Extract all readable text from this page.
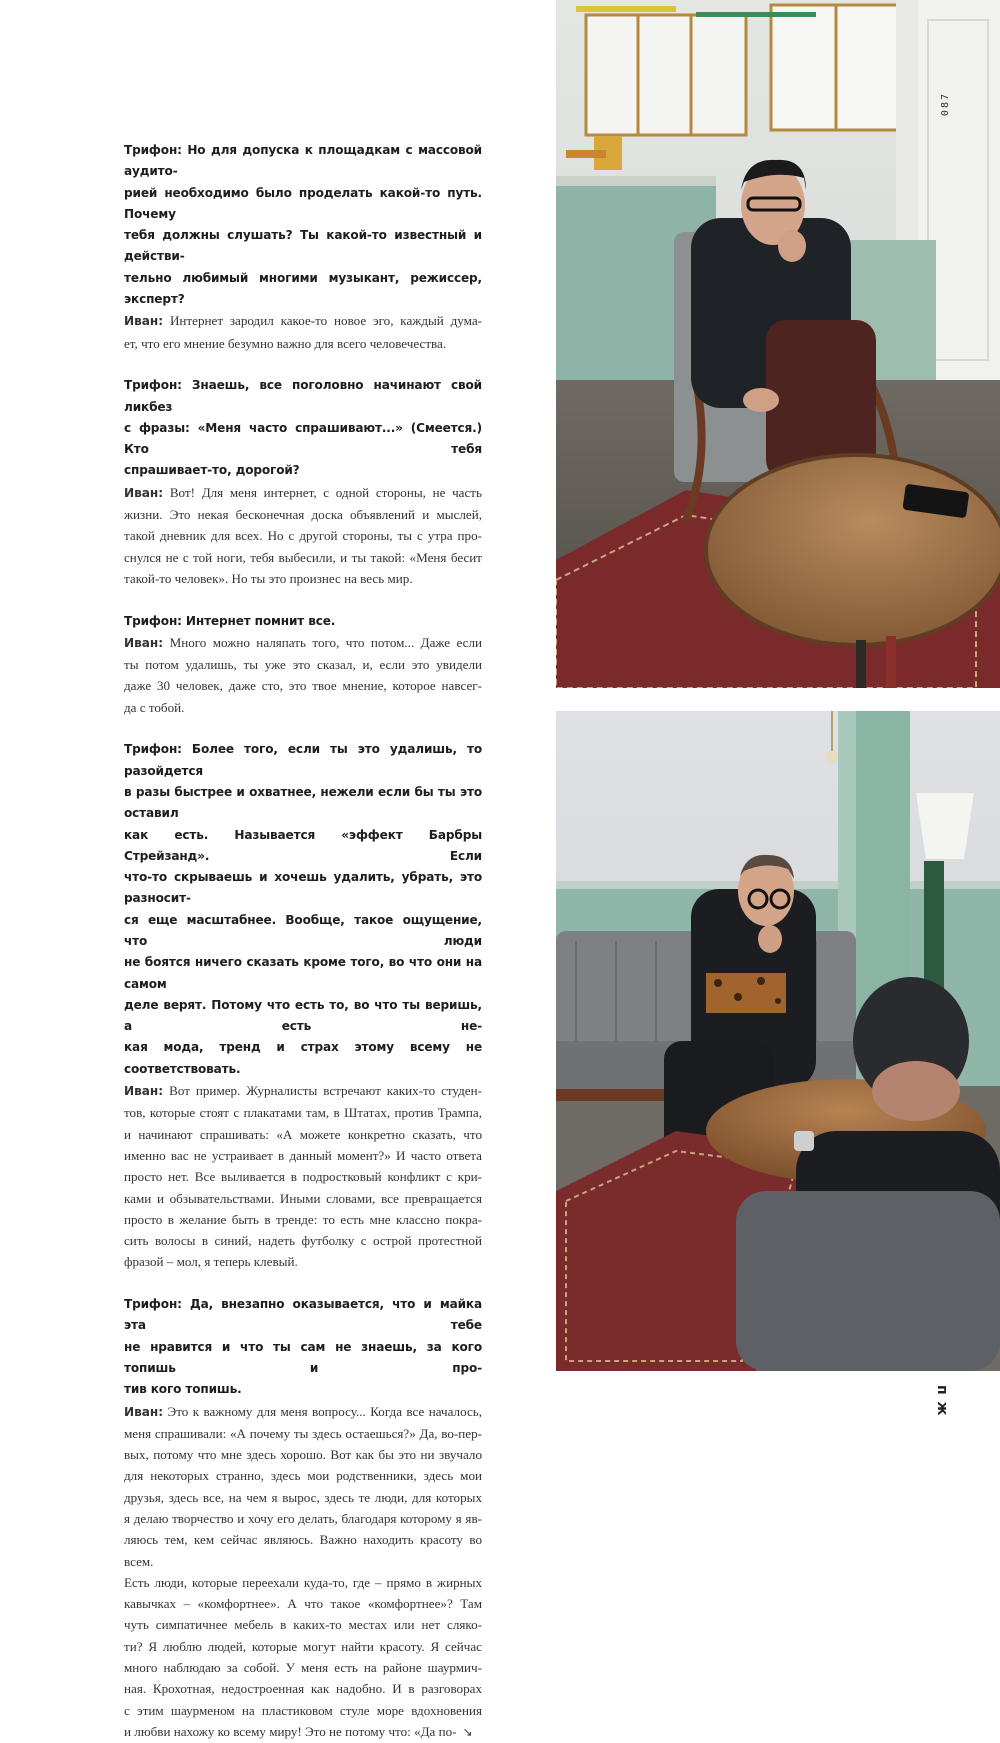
Трифон: Но для допуска к площадкам с массовой аудито-

рией необходимо было проделать какой-то путь. Почему

тебя должны слушать? Ты какой-то известный и действи-

тельно любимый многими музыкант, режиссер, эксперт?

Иван: Интернет зародил какое-то новое эго, каждый дума-

ет, что его мнение безумно важно для всего человечества.

Трифон: Знаешь, все поголовно начинают свой ликбез

с фразы: «Меня часто спрашивают...» (Смеется.) Кто тебя

спрашивает-то, дорогой?

Иван: Вот! Для меня интернет, с одной стороны, не часть

жизни. Это некая бесконечная доска объявлений и мыслей,

такой дневник для всех. Но с другой стороны, ты с утра про-

снулся не с той ноги, тебя выбесили, и ты такой: «Меня бесит

такой-то человек». Но ты это произнес на весь мир.

Трифон: Интернет помнит все.

Иван: Много можно наляпать того, что потом... Даже если

ты потом удалишь, ты уже это сказал, и, если это увидели

даже 30 человек, даже сто, это твое мнение, которое навсег-

да с тобой.

Трифон: Более того, если ты это удалишь, то разойдется

в разы быстрее и охватнее, нежели если бы ты это оставил

как есть. Называется «эффект Барбры Стрейзанд». Если

что-то скрываешь и хочешь удалить, убрать, это разносит-

ся еще масштабнее. Вообще, такое ощущение, что люди

не боятся ничего сказать кроме того, во что они на самом

деле верят. Потому что есть то, во что ты веришь, а есть не-

кая мода, тренд и страх этому всему не соответствовать.

Иван: Вот пример. Журналисты встречают каких-то студен-

тов, которые стоят с плакатами там, в Штатах, против Трампа,

и начинают спрашивать: «А можете конкретно сказать, что

именно вас не устраивает в данный момент?» И часто ответа

просто нет. Все выливается в подростковый конфликт с кри-

ками и обзывательствами. Иными словами, все превращается

просто в желание быть в тренде: то есть мне классно покра-

сить волосы в синий, надеть футболку с острой протестной

фразой – мол, я теперь клевый.

Трифон: Да, внезапно оказывается, что и майка эта тебе

не нравится и что ты сам не знаешь, за кого топишь и про-

тив кого топишь.

Иван: Это к важному для меня вопросу... Когда все началось,

меня спрашивали: «А почему ты здесь остаешься?» Да, во-пер-

вых, потому что мне здесь хорошо. Вот как бы это ни звучало

для некоторых странно, здесь мои родственники, здесь мои

друзья, здесь все, на чем я вырос, здесь те люди, для которых

я делаю творчество и хочу его делать, благодаря которому я яв-

ляюсь тем, кем сейчас являюсь. Важно находить красоту во всем.

Есть люди, которые переехали куда-то, где – прямо в жирных

кавычках – «комфортнее». А что такое «комфортнее»? Там

чуть симпатичнее мебель в каких-то местах или нет сляко-

ти? Я люблю людей, которые могут найти красоту. Я сейчас

много наблюдаю за собой. У меня есть на районе шаурмич-

ная. Крохотная, недостроенная как надобно. И в разговорах

с этим шаурменом на пластиковом стуле море вдохновения

и любви нахожу ко всему миру! Это не потому что: «Да по- ↘

087
п ж
